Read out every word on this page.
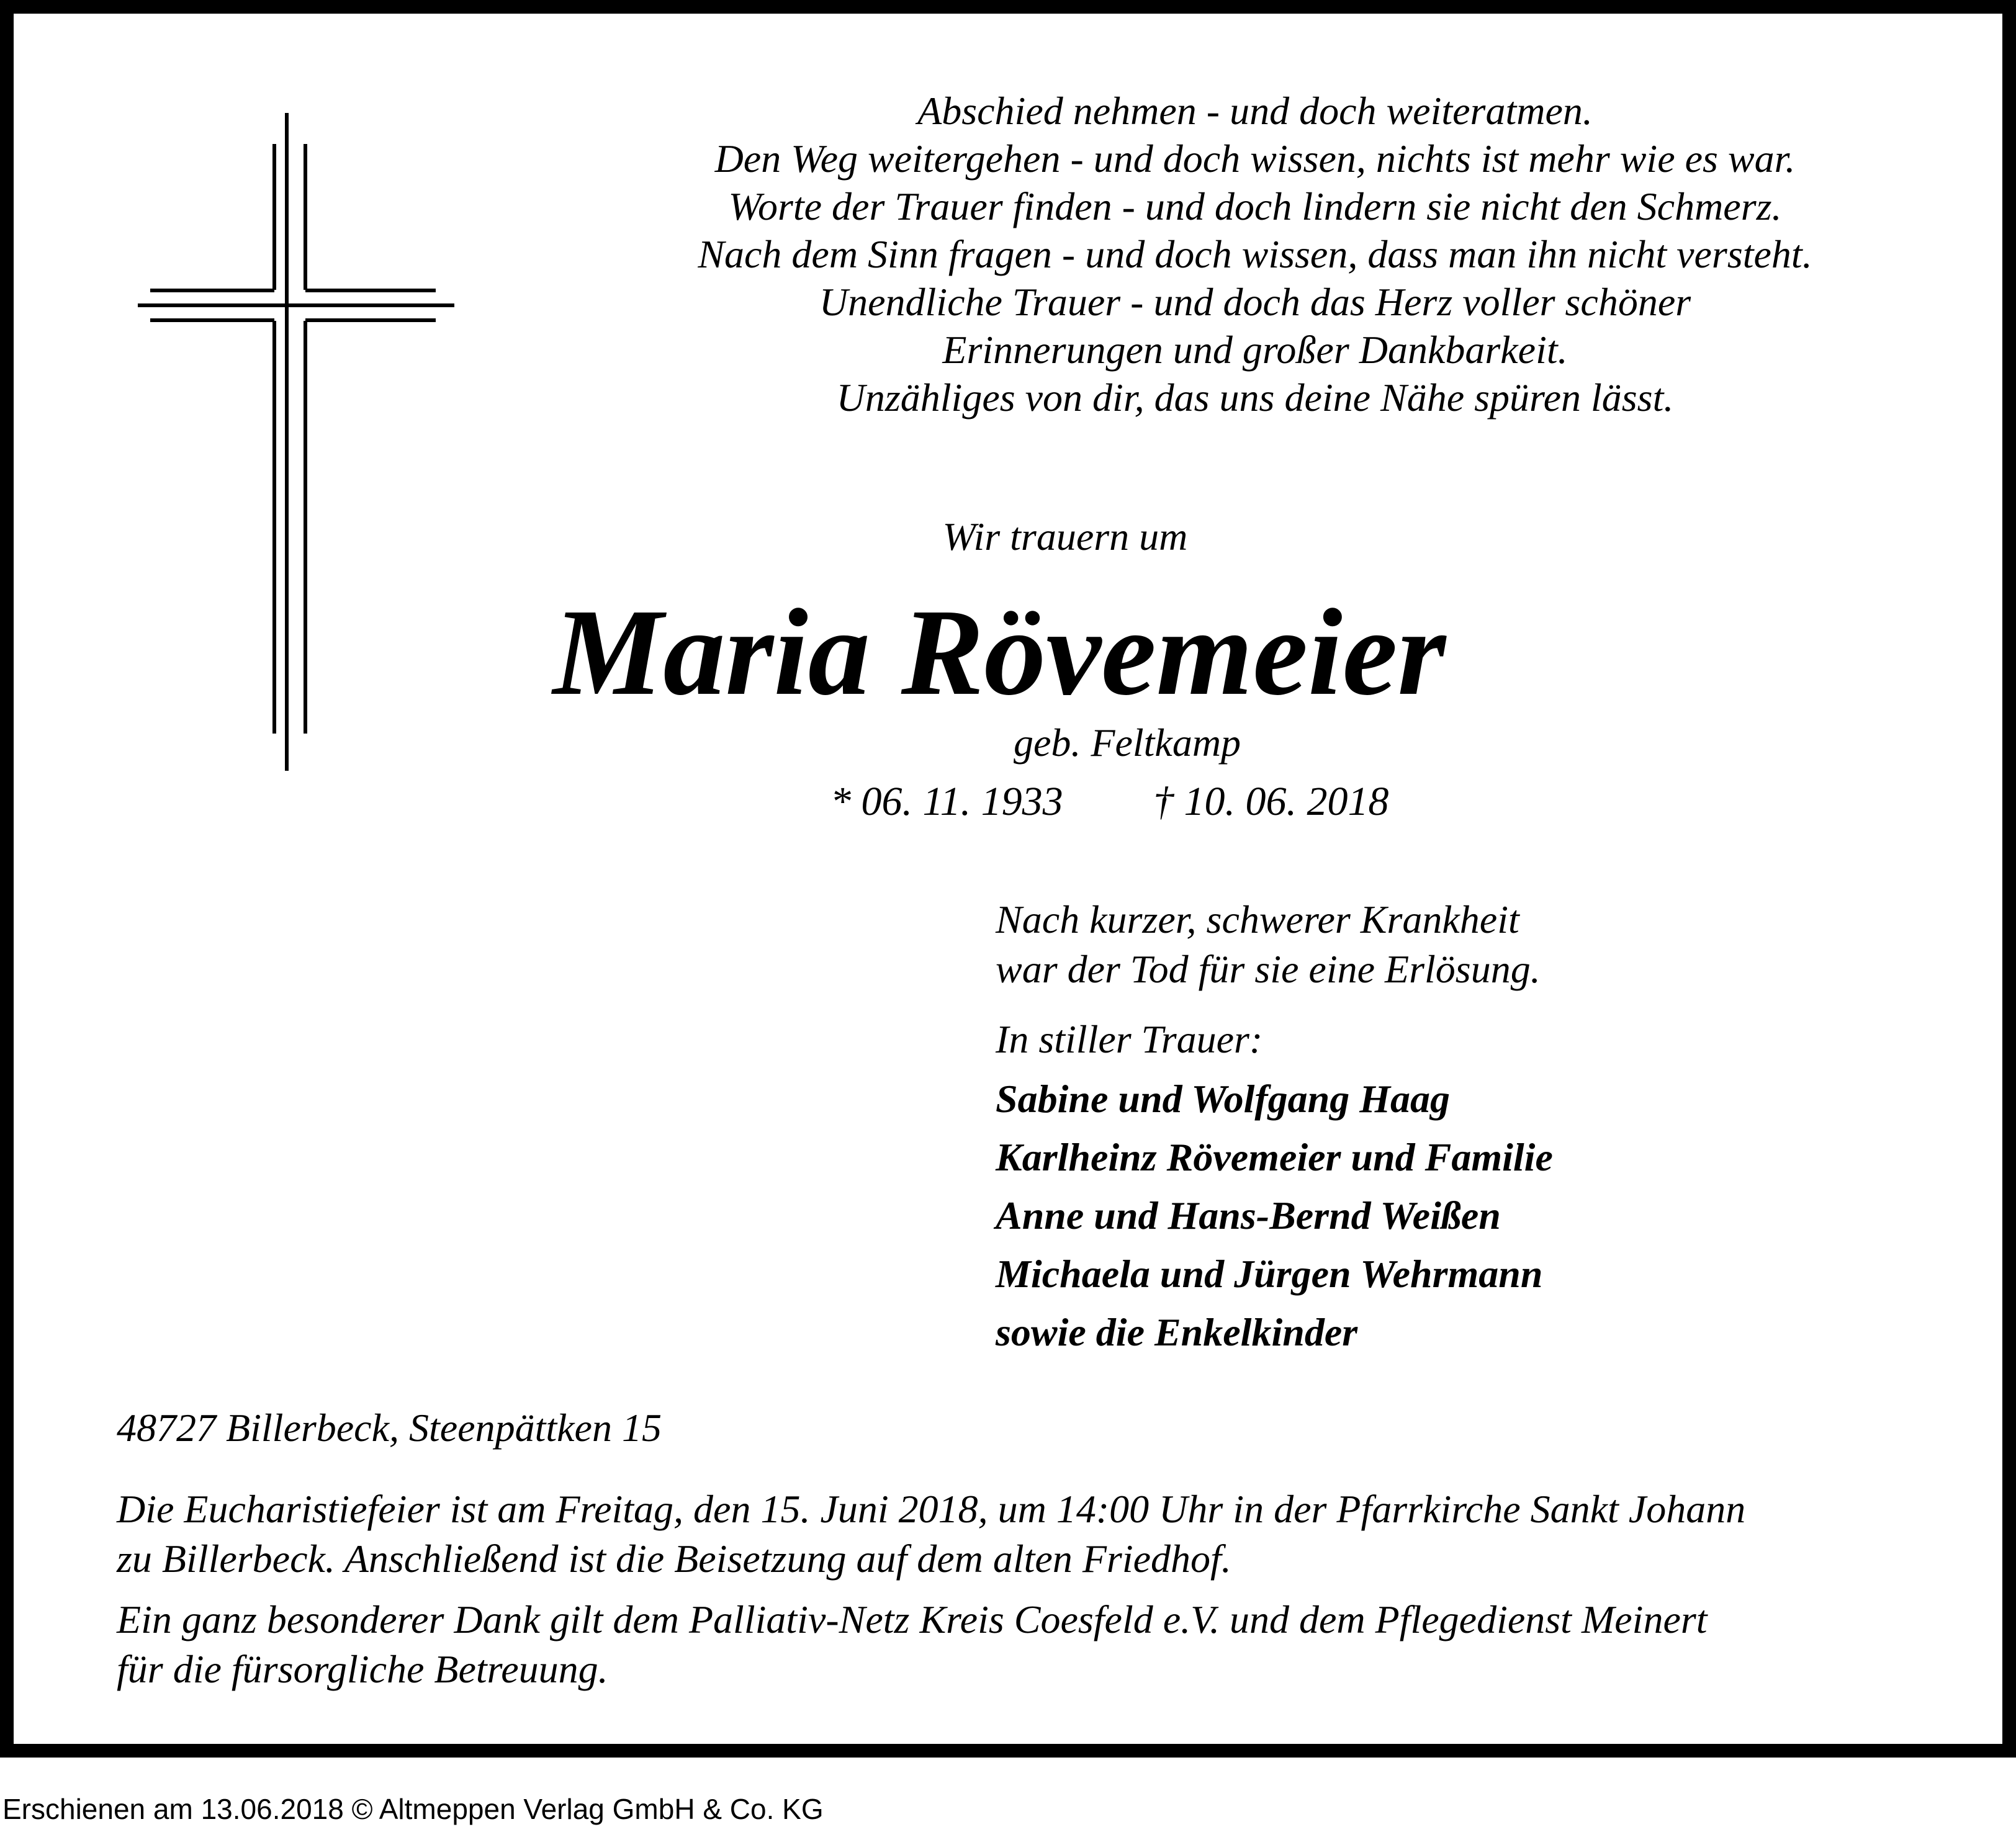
Abschied nehmen - und doch weiteratmen.
Den Weg weitergehen - und doch wissen, nichts ist mehr wie es war.
Worte der Trauer finden - und doch lindern sie nicht den Schmerz.
Nach dem Sinn fragen - und doch wissen, dass man ihn nicht versteht.
Unendliche Trauer - und doch das Herz voller schöner
Erinnerungen und großer Dankbarkeit.
Unzähliges von dir, das uns deine Nähe spüren lässt.
Wir trauern um
Maria Rövemeier
geb. Feltkamp
* 06. 11. 1933 † 10. 06. 2018
Nach kurzer, schwerer Krankheit
war der Tod für sie eine Erlösung.
In stiller Trauer:
Sabine und Wolfgang Haag
Karlheinz Rövemeier und Familie
Anne und Hans-Bernd Weißen
Michaela und Jürgen Wehrmann
sowie die Enkelkinder
48727 Billerbeck, Steenpättken 15
Die Eucharistiefeier ist am Freitag, den 15. Juni 2018, um 14:00 Uhr in der Pfarrkirche Sankt Johann
zu Billerbeck. Anschließend ist die Beisetzung auf dem alten Friedhof.
Ein ganz besonderer Dank gilt dem Palliativ-Netz Kreis Coesfeld e.V. und dem Pflegedienst Meinert
für die fürsorgliche Betreuung.
Erschienen am 13.06.2018 © Altmeppen Verlag GmbH & Co. KG
